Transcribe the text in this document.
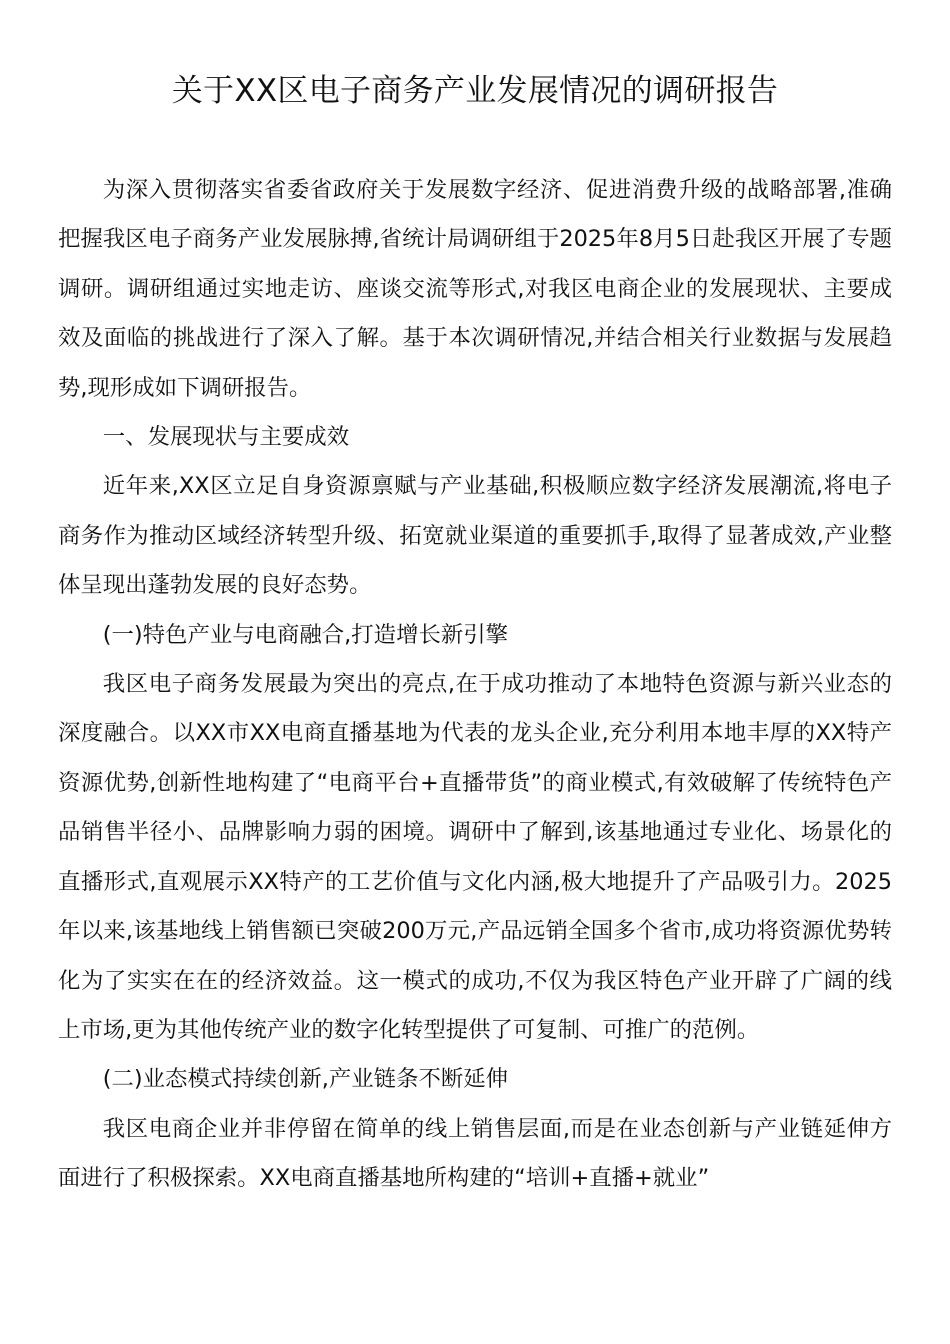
关于XX区电子商务产业发展情况的调研报告

为深入贯彻落实省委省政府关于发展数字经济、促进消费升级的战略部署,准确把握我区电子商务产业发展脉搏,省统计局调研组于2025年8月5日赴我区开展了专题调研。调研组通过实地走访、座谈交流等形式,对我区电商企业的发展现状、主要成效及面临的挑战进行了深入了解。基于本次调研情况,并结合相关行业数据与发展趋势,现形成如下调研报告。

一、发展现状与主要成效

近年来,XX区立足自身资源禀赋与产业基础,积极顺应数字经济发展潮流,将电子商务作为推动区域经济转型升级、拓宽就业渠道的重要抓手,取得了显著成效,产业整体呈现出蓬勃发展的良好态势。

(一)特色产业与电商融合,打造增长新引擎

我区电子商务发展最为突出的亮点,在于成功推动了本地特色资源与新兴业态的深度融合。以XX市XX电商直播基地为代表的龙头企业,充分利用本地丰厚的XX特产资源优势,创新性地构建了“电商平台+直播带货”的商业模式,有效破解了传统特色产品销售半径小、品牌影响力弱的困境。调研中了解到,该基地通过专业化、场景化的直播形式,直观展示XX特产的工艺价值与文化内涵,极大地提升了产品吸引力。2025年以来,该基地线上销售额已突破200万元,产品远销全国多个省市,成功将资源优势转化为了实实在在的经济效益。这一模式的成功,不仅为我区特色产业开辟了广阔的线上市场,更为其他传统产业的数字化转型提供了可复制、可推广的范例。

(二)业态模式持续创新,产业链条不断延伸

我区电商企业并非停留在简单的线上销售层面,而是在业态创新与产业链延伸方面进行了积极探索。XX电商直播基地所构建的“培训+直播+就业”
